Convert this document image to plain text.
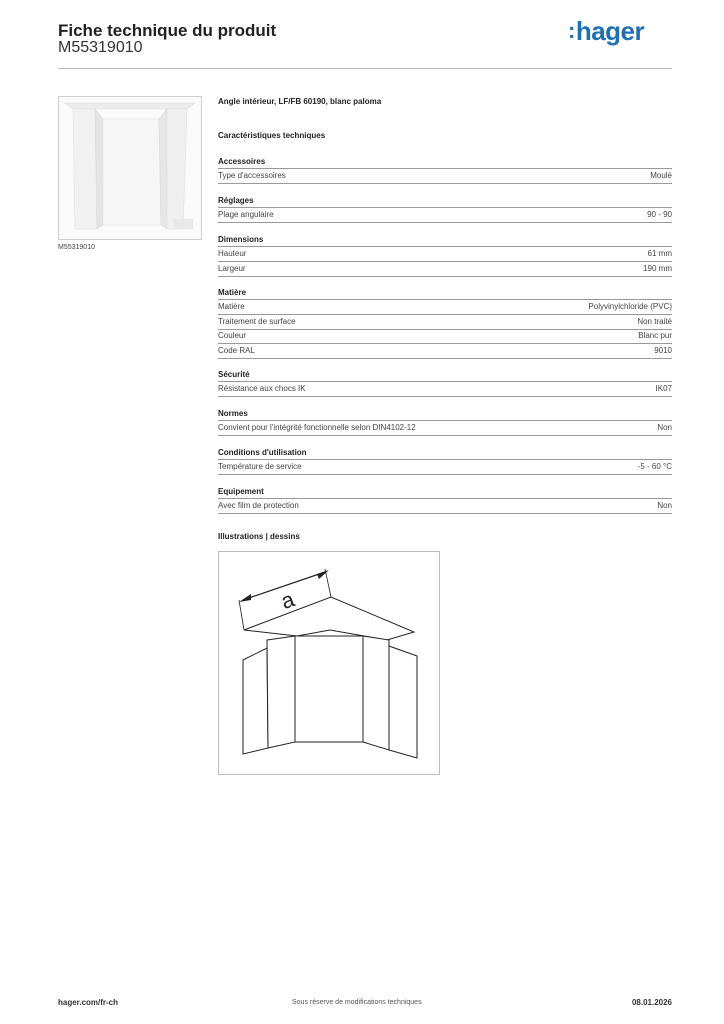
Fiche technique du produit
M55319010
:hager
M55319010
Angle intérieur, LF/FB 60190, blanc paloma
Caractéristiques techniques
Accessoires
Type d'accessoires	Moulé
Réglages
Plage angulaire	90 - 90
Dimensions
Hauteur	61 mm
Largeur	190 mm
Matière
Matière	Polyvinylchloride (PVC)
Traitement de surface	Non traité
Couleur	Blanc pur
Code RAL	9010
Sécurité
Résistance aux chocs IK	IK07
Normes
Convient pour l'intégrité fonctionnelle selon DIN4102-12	Non
Conditions d'utilisation
Température de service	-5 - 60 °C
Equipement
Avec film de protection	Non
Illustrations | dessins
a
hager.com/fr-ch	Sous réserve de modifications techniques	08.01.2026
